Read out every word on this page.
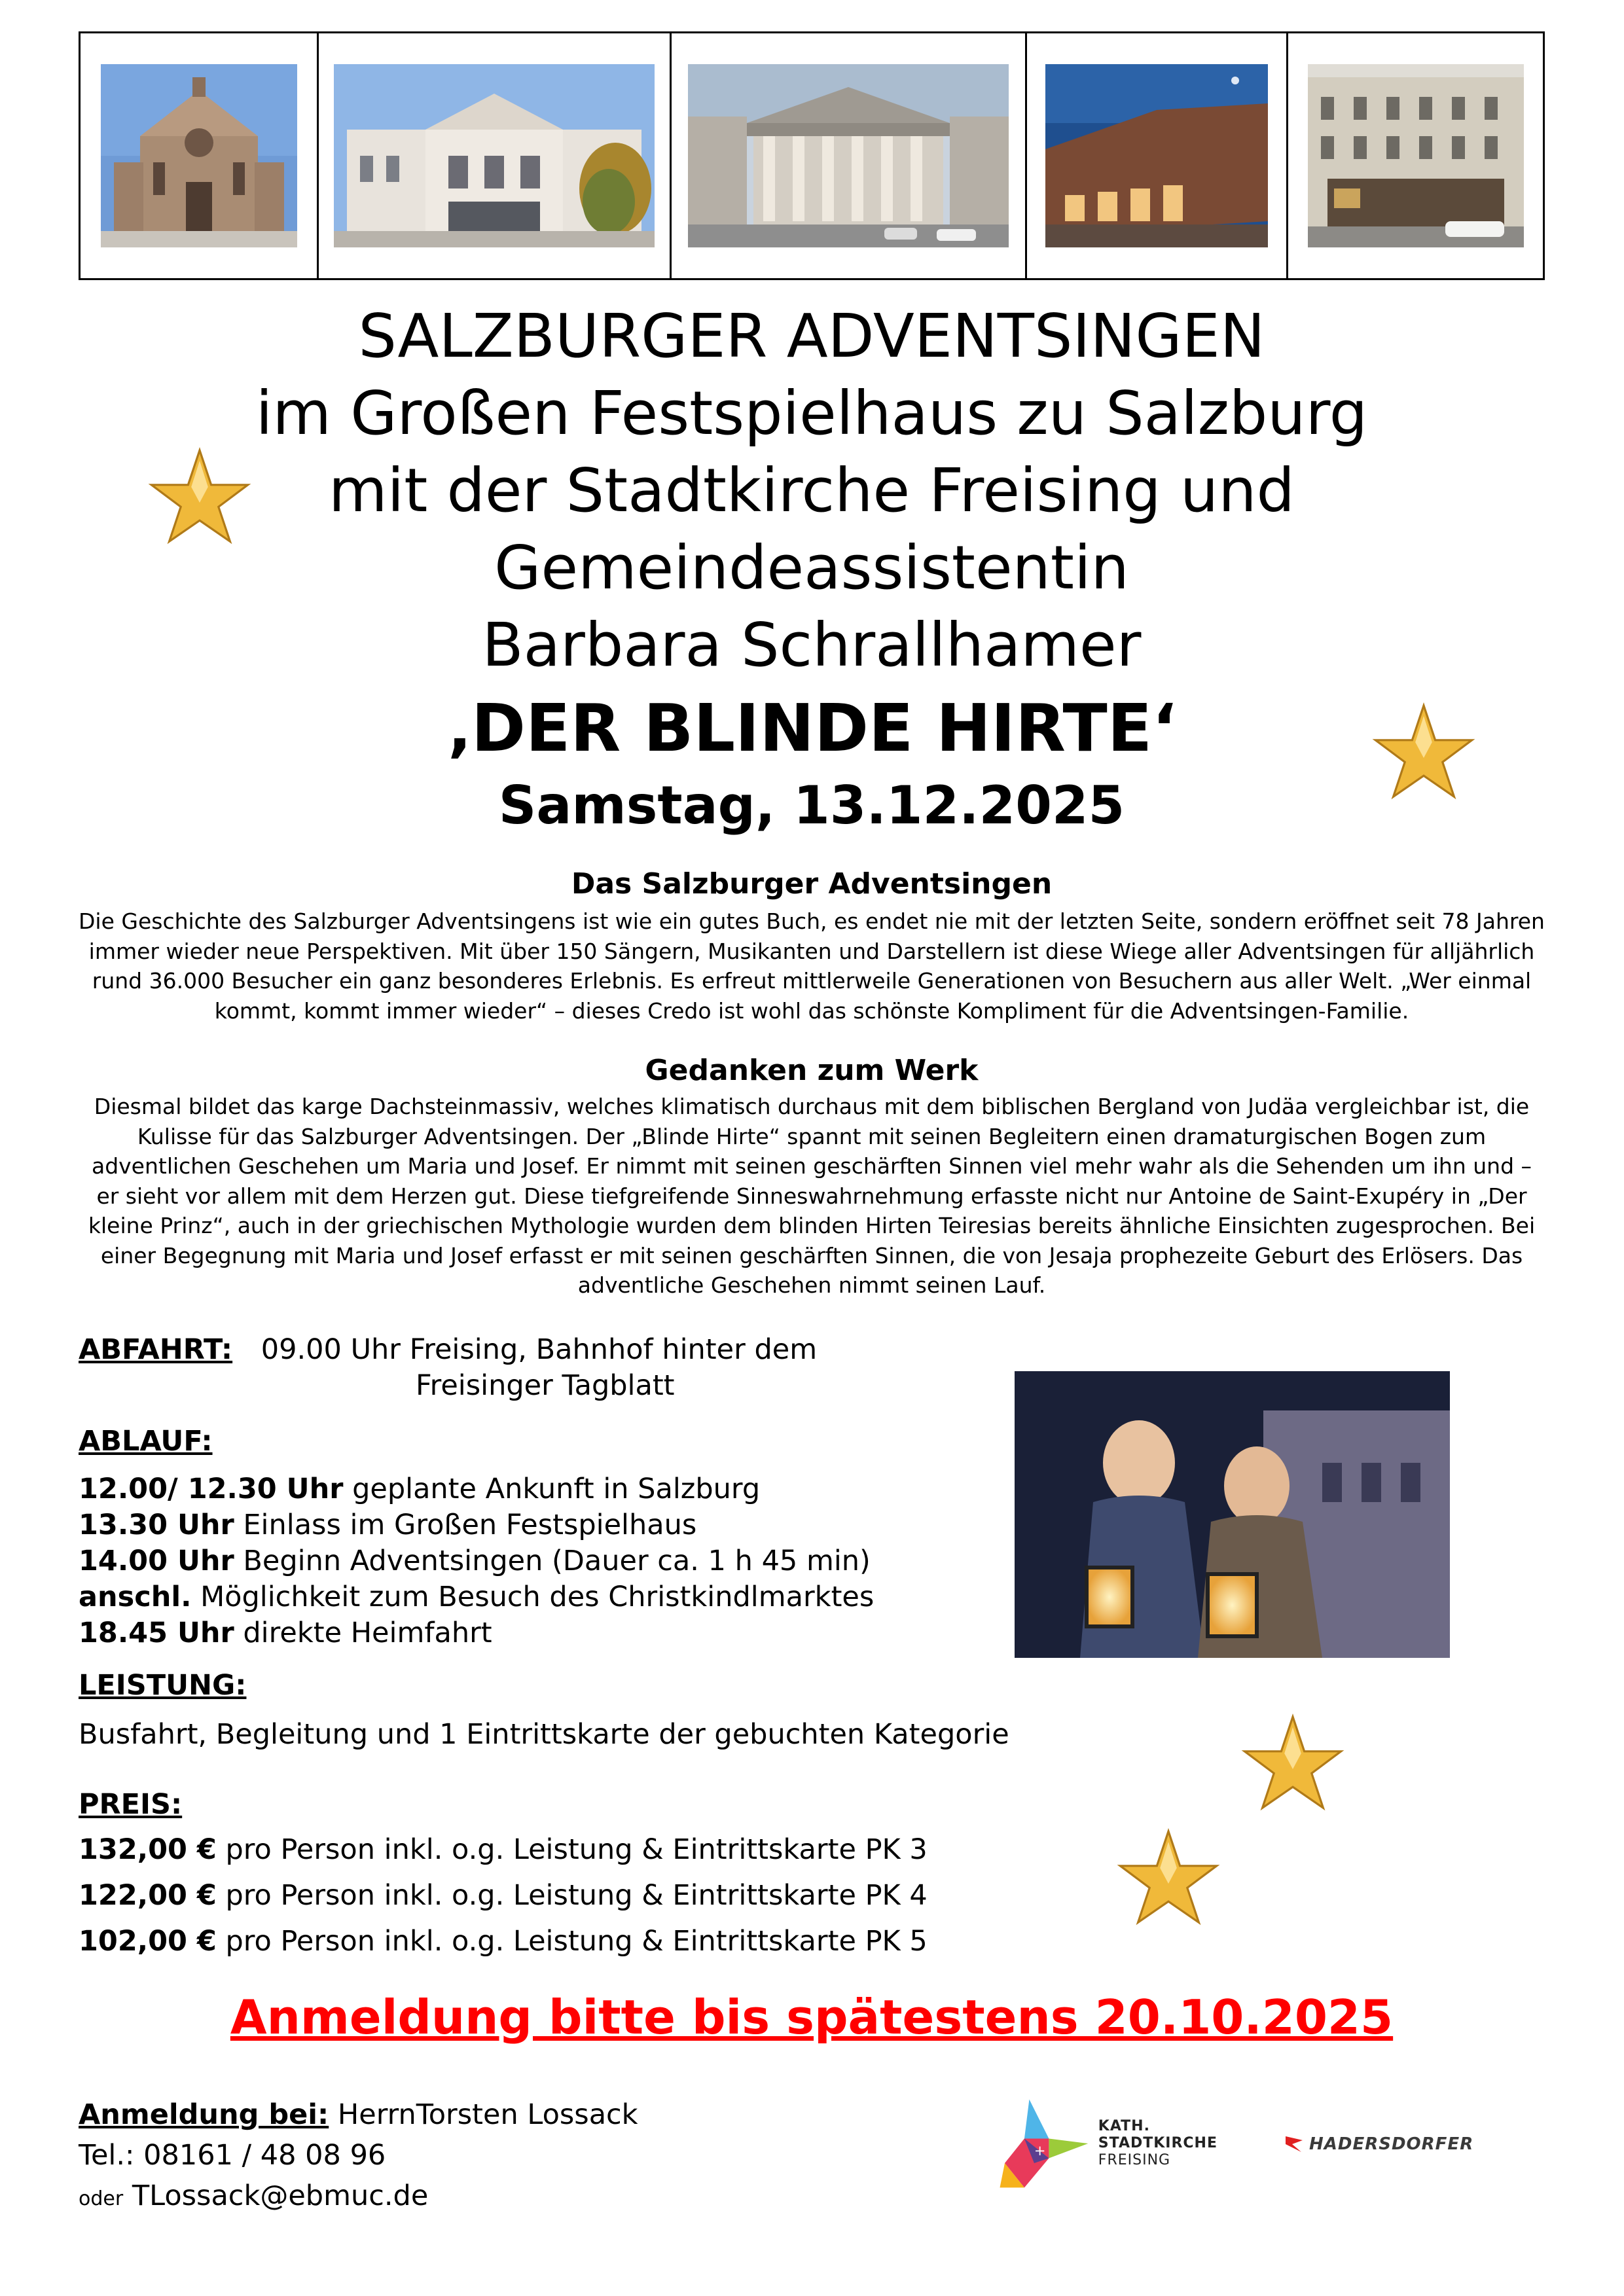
SALZBURGER ADVENTSINGEN
im Großen Festspielhaus zu Salzburg
mit der Stadtkirche Freising und
Gemeindeassistentin
Barbara Schrallhamer
‚DER BLINDE HIRTE‘
Samstag, 13.12.2025
Das Salzburger Adventsingen
Die Geschichte des Salzburger Adventsingens ist wie ein gutes Buch, es endet nie mit der letzten Seite, sondern eröffnet seit 78 Jahren
immer wieder neue Perspektiven. Mit über 150 Sängern, Musikanten und Darstellern ist diese Wiege aller Adventsingen für alljährlich
rund 36.000 Besucher ein ganz besonderes Erlebnis. Es erfreut mittlerweile Generationen von Besuchern aus aller Welt. „Wer einmal
kommt, kommt immer wieder“ – dieses Credo ist wohl das schönste Kompliment für die Adventsingen-Familie.
Gedanken zum Werk
Diesmal bildet das karge Dachsteinmassiv, welches klimatisch durchaus mit dem biblischen Bergland von Judäa vergleichbar ist, die
Kulisse für das Salzburger Adventsingen. Der „Blinde Hirte“ spannt mit seinen Begleitern einen dramaturgischen Bogen zum
adventlichen Geschehen um Maria und Josef. Er nimmt mit seinen geschärften Sinnen viel mehr wahr als die Sehenden um ihn und –
er sieht vor allem mit dem Herzen gut. Diese tiefgreifende Sinneswahrnehmung erfasste nicht nur Antoine de Saint-Exupéry in „Der
kleine Prinz“, auch in der griechischen Mythologie wurden dem blinden Hirten Teiresias bereits ähnliche Einsichten zugesprochen. Bei
einer Begegnung mit Maria und Josef erfasst er mit seinen geschärften Sinnen, die von Jesaja prophezeite Geburt des Erlösers. Das
adventliche Geschehen nimmt seinen Lauf.
ABFAHRT: 09.00 Uhr Freising, Bahnhof hinter dem
Freisinger Tagblatt
ABLAUF:
12.00/ 12.30 Uhr geplante Ankunft in Salzburg
13.30 Uhr Einlass im Großen Festspielhaus
14.00 Uhr Beginn Adventsingen (Dauer ca. 1 h 45 min)
anschl. Möglichkeit zum Besuch des Christkindlmarktes
18.45 Uhr direkte Heimfahrt
LEISTUNG:
Busfahrt, Begleitung und 1 Eintrittskarte der gebuchten Kategorie
PREIS:
132,00 € pro Person inkl. o.g. Leistung & Eintrittskarte PK 3
122,00 € pro Person inkl. o.g. Leistung & Eintrittskarte PK 4
102,00 € pro Person inkl. o.g. Leistung & Eintrittskarte PK 5
Anmeldung bitte bis spätestens 20.10.2025
Anmeldung bei: HerrnTorsten Lossack
Tel.: 08161 / 48 08 96
oder TLossack@ebmuc.de
+
KATH.
STADTKIRCHE
FREISING
HADERSDORFER
